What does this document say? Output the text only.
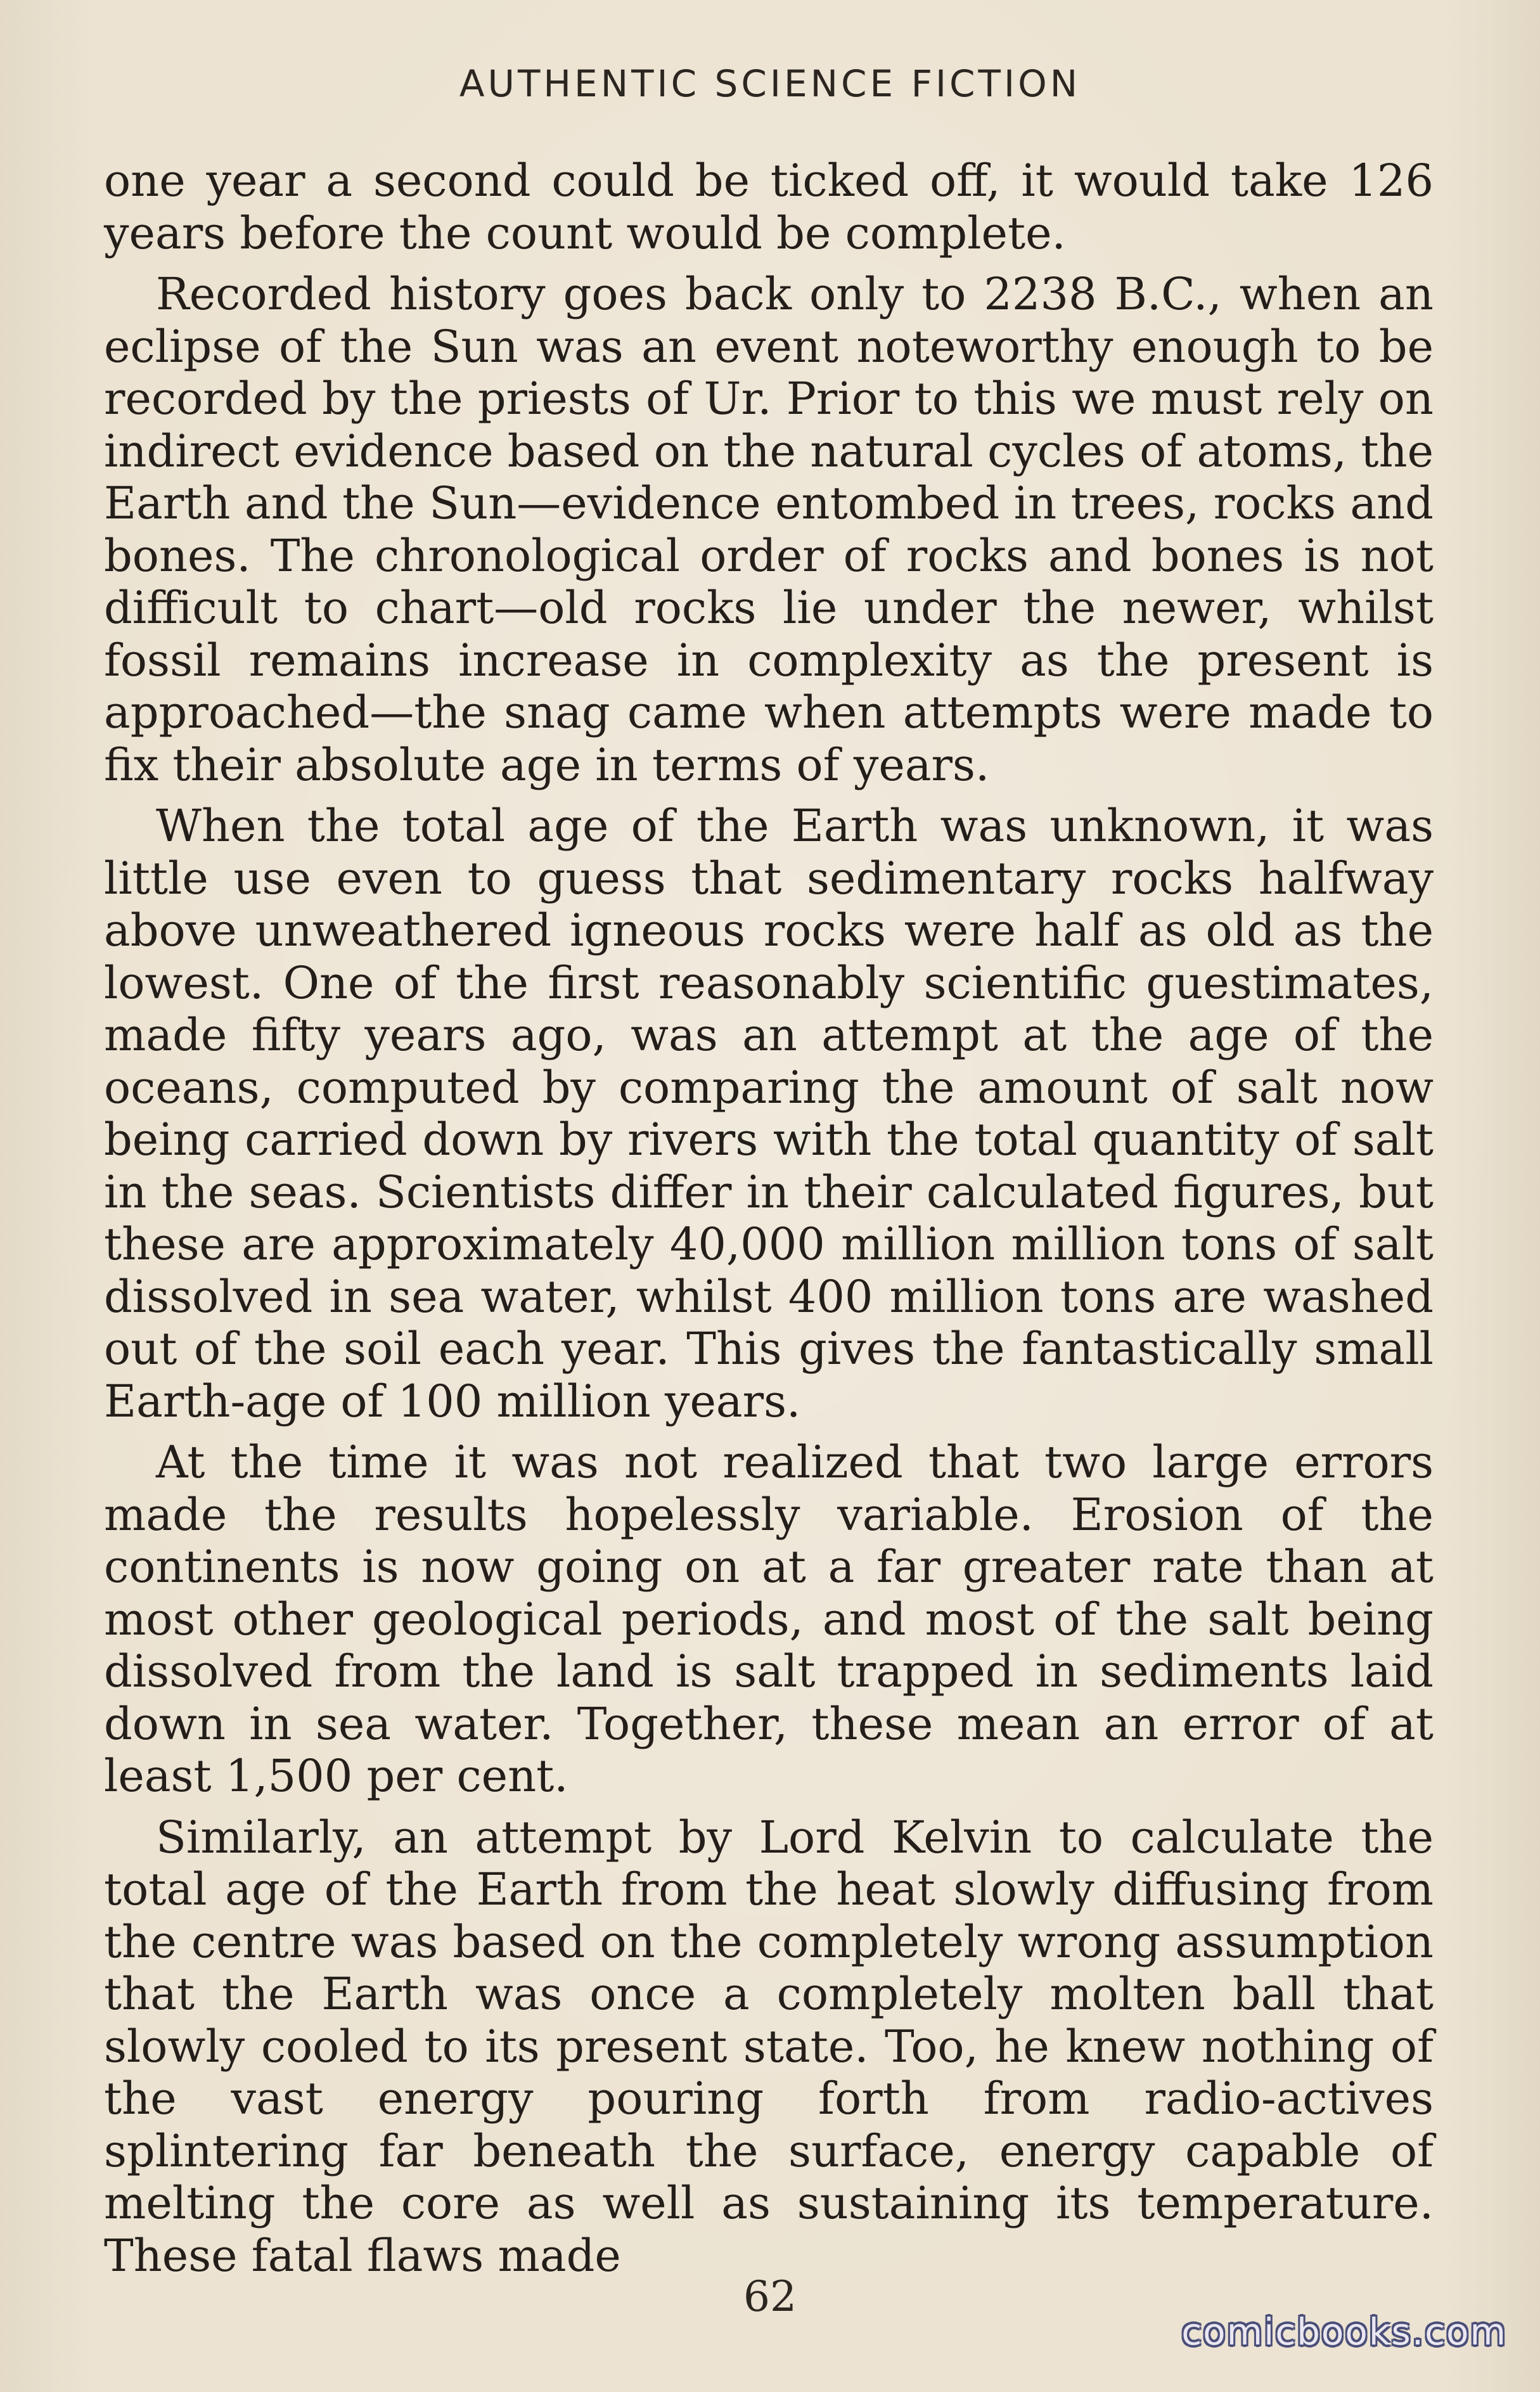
AUTHENTIC SCIENCE FICTION

one year a second could be ticked off, it would take 126 years before the count would be complete.

Recorded history goes back only to 2238 B.C., when an eclipse of the Sun was an event noteworthy enough to be recorded by the priests of Ur. Prior to this we must rely on indirect evidence based on the natural cycles of atoms, the Earth and the Sun—evidence entombed in trees, rocks and bones. The chronological order of rocks and bones is not difficult to chart—old rocks lie under the newer, whilst fossil remains increase in complexity as the present is approached—the snag came when attempts were made to fix their absolute age in terms of years.

When the total age of the Earth was unknown, it was little use even to guess that sedimentary rocks halfway above unweathered igneous rocks were half as old as the lowest. One of the first reasonably scientific guestimates, made fifty years ago, was an attempt at the age of the oceans, computed by comparing the amount of salt now being carried down by rivers with the total quantity of salt in the seas. Scientists differ in their calculated figures, but these are approximately 40,000 million million tons of salt dissolved in sea water, whilst 400 million tons are washed out of the soil each year. This gives the fantastically small Earth-age of 100 million years.

At the time it was not realized that two large errors made the results hopelessly variable. Erosion of the continents is now going on at a far greater rate than at most other geological periods, and most of the salt being dissolved from the land is salt trapped in sediments laid down in sea water. Together, these mean an error of at least 1,500 per cent.

Similarly, an attempt by Lord Kelvin to calculate the total age of the Earth from the heat slowly diffusing from the centre was based on the completely wrong assumption that the Earth was once a completely molten ball that slowly cooled to its present state. Too, he knew nothing of the vast energy pouring forth from radio-actives splintering far beneath the surface, energy capable of melting the core as well as sustaining its temperature. These fatal flaws made

62
comicbooks.com
